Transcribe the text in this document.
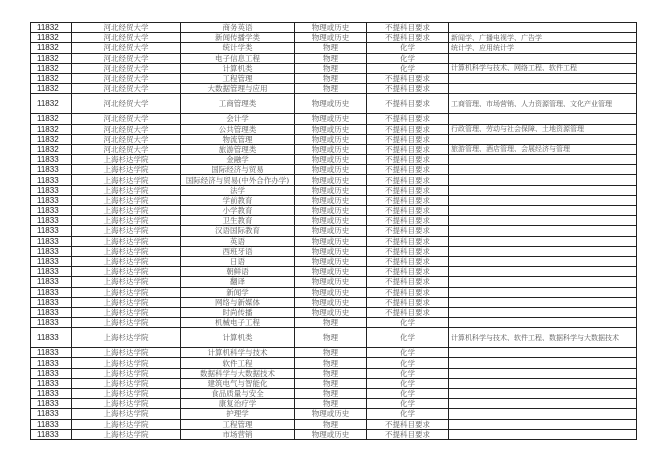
11832	河北经贸大学	商务英语	物理或历史	不提科目要求	
11832	河北经贸大学	新闻传播学类	物理或历史	不提科目要求	新闻学、广播电视学、广告学
11832	河北经贸大学	统计学类	物理	化学	统计学、应用统计学
11832	河北经贸大学	电子信息工程	物理	化学	
11832	河北经贸大学	计算机类	物理	化学	计算机科学与技术、网络工程、软件工程
11832	河北经贸大学	工程管理	物理	不提科目要求	
11832	河北经贸大学	大数据管理与应用	物理	不提科目要求	
11832	河北经贸大学	工商管理类	物理或历史	不提科目要求	工商管理、市场营销、人力资源管理、文化产业管理
11832	河北经贸大学	会计学	物理或历史	不提科目要求	
11832	河北经贸大学	公共管理类	物理或历史	不提科目要求	行政管理、劳动与社会保障、土地资源管理
11832	河北经贸大学	物流管理	物理或历史	不提科目要求	
11832	河北经贸大学	旅游管理类	物理或历史	不提科目要求	旅游管理、酒店管理、会展经济与管理
11833	上海杉达学院	金融学	物理或历史	不提科目要求	
11833	上海杉达学院	国际经济与贸易	物理或历史	不提科目要求	
11833	上海杉达学院	国际经济与贸易(中外合作办学)	物理或历史	不提科目要求	
11833	上海杉达学院	法学	物理或历史	不提科目要求	
11833	上海杉达学院	学前教育	物理或历史	不提科目要求	
11833	上海杉达学院	小学教育	物理或历史	不提科目要求	
11833	上海杉达学院	卫生教育	物理或历史	不提科目要求	
11833	上海杉达学院	汉语国际教育	物理或历史	不提科目要求	
11833	上海杉达学院	英语	物理或历史	不提科目要求	
11833	上海杉达学院	西班牙语	物理或历史	不提科目要求	
11833	上海杉达学院	日语	物理或历史	不提科目要求	
11833	上海杉达学院	朝鲜语	物理或历史	不提科目要求	
11833	上海杉达学院	翻译	物理或历史	不提科目要求	
11833	上海杉达学院	新闻学	物理或历史	不提科目要求	
11833	上海杉达学院	网络与新媒体	物理或历史	不提科目要求	
11833	上海杉达学院	时尚传播	物理或历史	不提科目要求	
11833	上海杉达学院	机械电子工程	物理	化学	
11833	上海杉达学院	计算机类	物理	化学	计算机科学与技术、软件工程、数据科学与大数据技术
11833	上海杉达学院	计算机科学与技术	物理	化学	
11833	上海杉达学院	软件工程	物理	化学	
11833	上海杉达学院	数据科学与大数据技术	物理	化学	
11833	上海杉达学院	建筑电气与智能化	物理	化学	
11833	上海杉达学院	食品质量与安全	物理	化学	
11833	上海杉达学院	康复治疗学	物理	化学	
11833	上海杉达学院	护理学	物理或历史	化学	
11833	上海杉达学院	工程管理	物理	不提科目要求	
11833	上海杉达学院	市场营销	物理或历史	不提科目要求	
